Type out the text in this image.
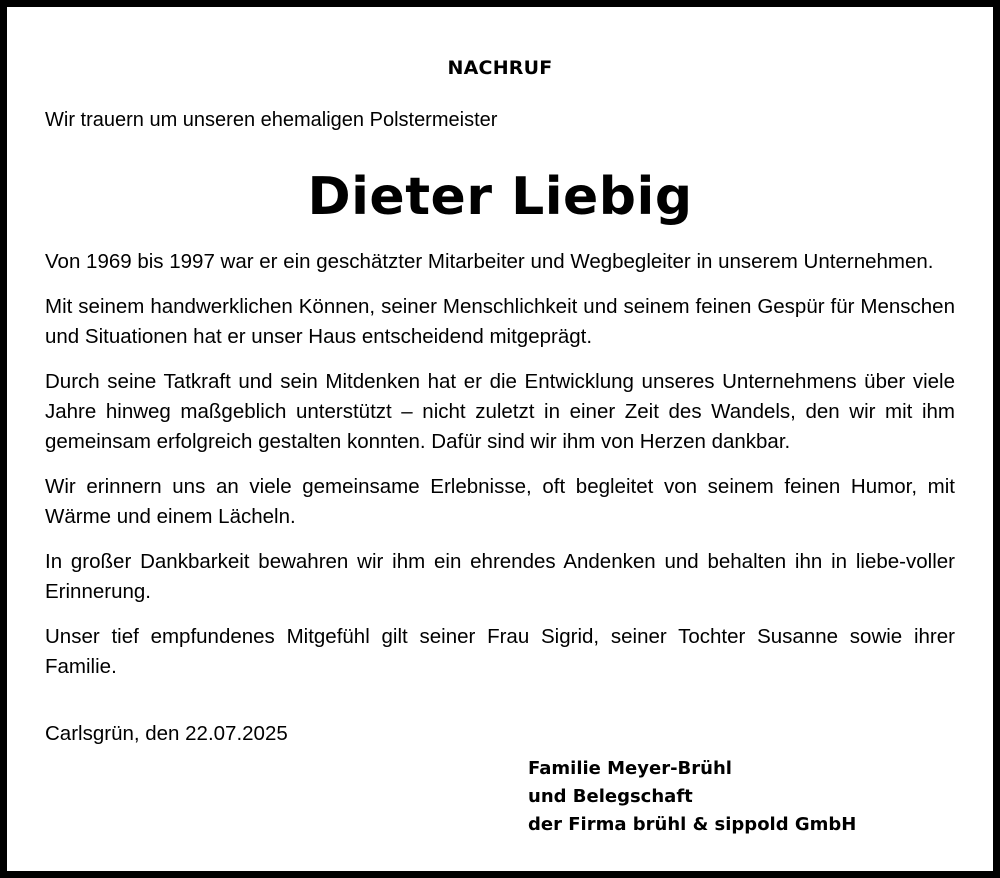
NACHRUF
Wir trauern um unseren ehemaligen Polstermeister
Dieter Liebig

Von 1969 bis 1997 war er ein geschätzter Mitarbeiter und Wegbegleiter in unserem Unternehmen.

Mit seinem handwerklichen Können, seiner Menschlichkeit und seinem feinen Gespür für Menschen und Situationen hat er unser Haus entscheidend mitgeprägt.

Durch seine Tatkraft und sein Mitdenken hat er die Entwicklung unseres Unternehmens über viele Jahre hinweg maßgeblich unterstützt – nicht zuletzt in einer Zeit des Wandels, den wir mit ihm gemeinsam erfolgreich gestalten konnten. Dafür sind wir ihm von Herzen dankbar.

Wir erinnern uns an viele gemeinsame Erlebnisse, oft begleitet von seinem feinen Humor, mit Wärme und einem Lächeln.

In großer Dankbarkeit bewahren wir ihm ein ehrendes Andenken und behalten ihn in liebe-voller Erinnerung.

Unser tief empfundenes Mitgefühl gilt seiner Frau Sigrid, seiner Tochter Susanne sowie ihrer Familie.

Carlsgrün, den 22.07.2025
Familie Meyer-Brühl
und Belegschaft
der Firma brühl & sippold GmbH
